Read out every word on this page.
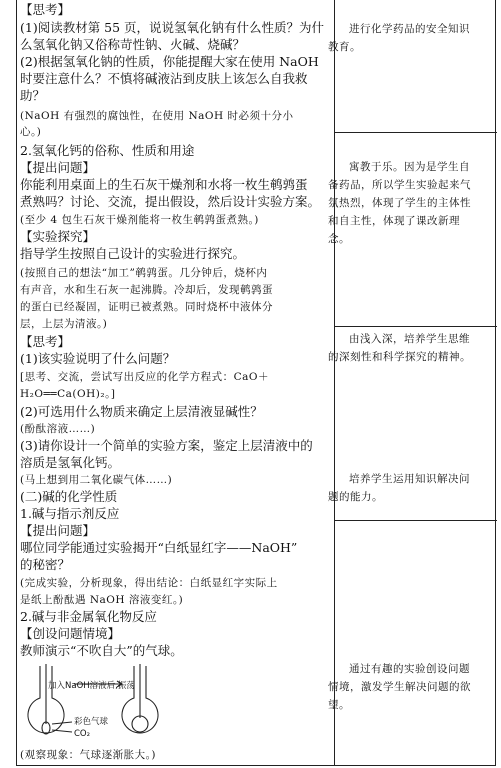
【思考】
(1)阅读教材第 55 页，说说氢氧化钠有什么性质？为什
么氢氧化钠又俗称苛性钠、火碱、烧碱？
(2)根据氢氧化钠的性质，你能提醒大家在使用 NaOH
时要注意什么？不慎将碱液沾到皮肤上该怎么自我救
助？
(NaOH 有强烈的腐蚀性，在使用 NaOH 时必须十分小
心。)
2.氢氧化钙的俗称、性质和用途
【提出问题】
你能利用桌面上的生石灰干燥剂和水将一枚生鹌鹑蛋
煮熟吗？讨论、交流，提出假设，然后设计实验方案。
(至少 4 包生石灰干燥剂能将一枚生鹌鹑蛋煮熟。)
【实验探究】
指导学生按照自己设计的实验进行探究。
(按照自己的想法“加工”鹌鹑蛋。几分钟后，烧杯内
有声音，水和生石灰一起沸腾。冷却后，发现鹌鹑蛋
的蛋白已经凝固，证明已被煮熟。同时烧杯中液体分
层，上层为清液。)
【思考】
(1)该实验说明了什么问题？
[思考、交流，尝试写出反应的化学方程式：CaO＋
H₂O══Ca(OH)₂。]
(2)可选用什么物质来确定上层清液显碱性？
(酚酞溶液……)
(3)请你设计一个简单的实验方案，鉴定上层清液中的
溶质是氢氧化钙。
(马上想到用二氧化碳气体……)
(二)碱的化学性质
1.碱与指示剂反应
【提出问题】
哪位同学能通过实验揭开“白纸显红字——NaOH”
的秘密？
(完成实验，分析现象，得出结论：白纸显红字实际上
是纸上酚酞遇 NaOH 溶液变红。)
2.碱与非金属氧化物反应
【创设问题情境】
教师演示“不吹自大”的气球。
(观察现象：气球逐渐胀大。)
进行化学药品的安全知识教育。
寓教于乐。因为是学生自备药品，所以学生实验起来气氛热烈，体现了学生的主体性和自主性，体现了课改新理念。
由浅入深，培养学生思维的深刻性和科学探究的精神。
培养学生运用知识解决问题的能力。
通过有趣的实验创设问题情境，激发学生解决问题的欲望。
加入NaOH溶液后,振荡
彩色气球
CO₂
